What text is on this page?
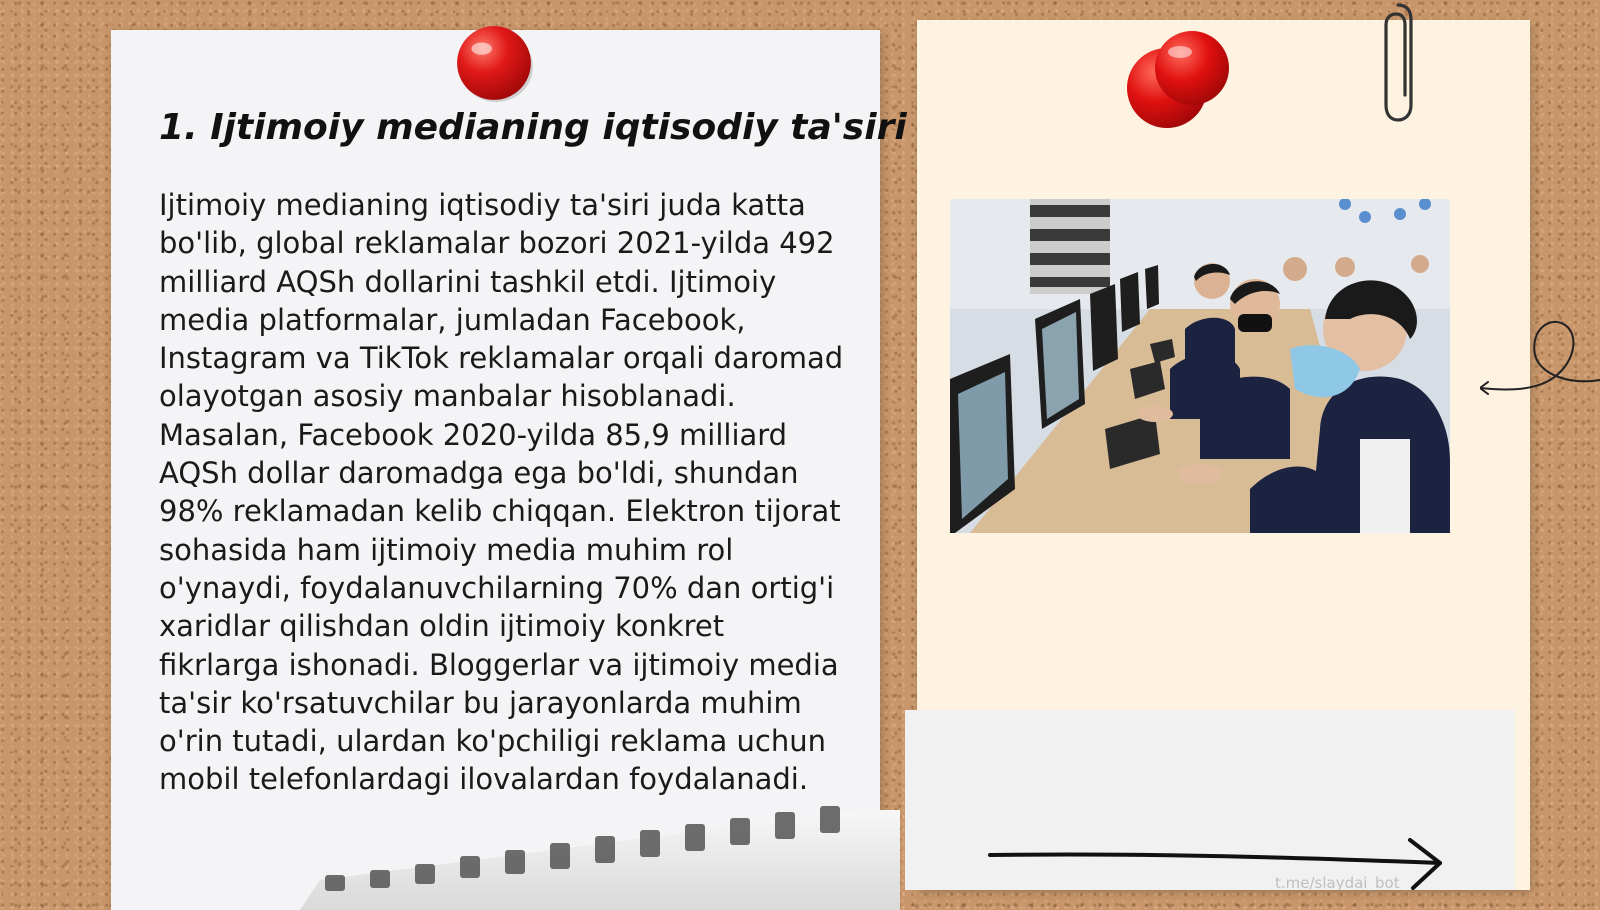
1. Ijtimoiy medianing iqtisodiy ta'siri

Ijtimoiy medianing iqtisodiy ta'siri juda katta bo'lib, global reklamalar bozori 2021-yilda 492 milliard AQSh dollarini tashkil etdi. Ijtimoiy media platformalar, jumladan Facebook, Instagram va TikTok reklamalar orqali daromad olayotgan asosiy manbalar hisoblanadi. Masalan, Facebook 2020-yilda 85,9 milliard AQSh dollar daromadga ega bo'ldi, shundan 98% reklamadan kelib chiqqan. Elektron tijorat sohasida ham ijtimoiy media muhim rol o'ynaydi, foydalanuvchilarning 70% dan ortig'i xaridlar qilishdan oldin ijtimoiy konkret fikrlarga ishonadi. Bloggerlar va ijtimoiy media ta'sir ko'rsatuvchilar bu jarayonlarda muhim o'rin tutadi, ulardan ko'pchiligi reklama uchun mobil telefonlardagi ilovalardan foydalanadi.

t.me/slaydai_bot
